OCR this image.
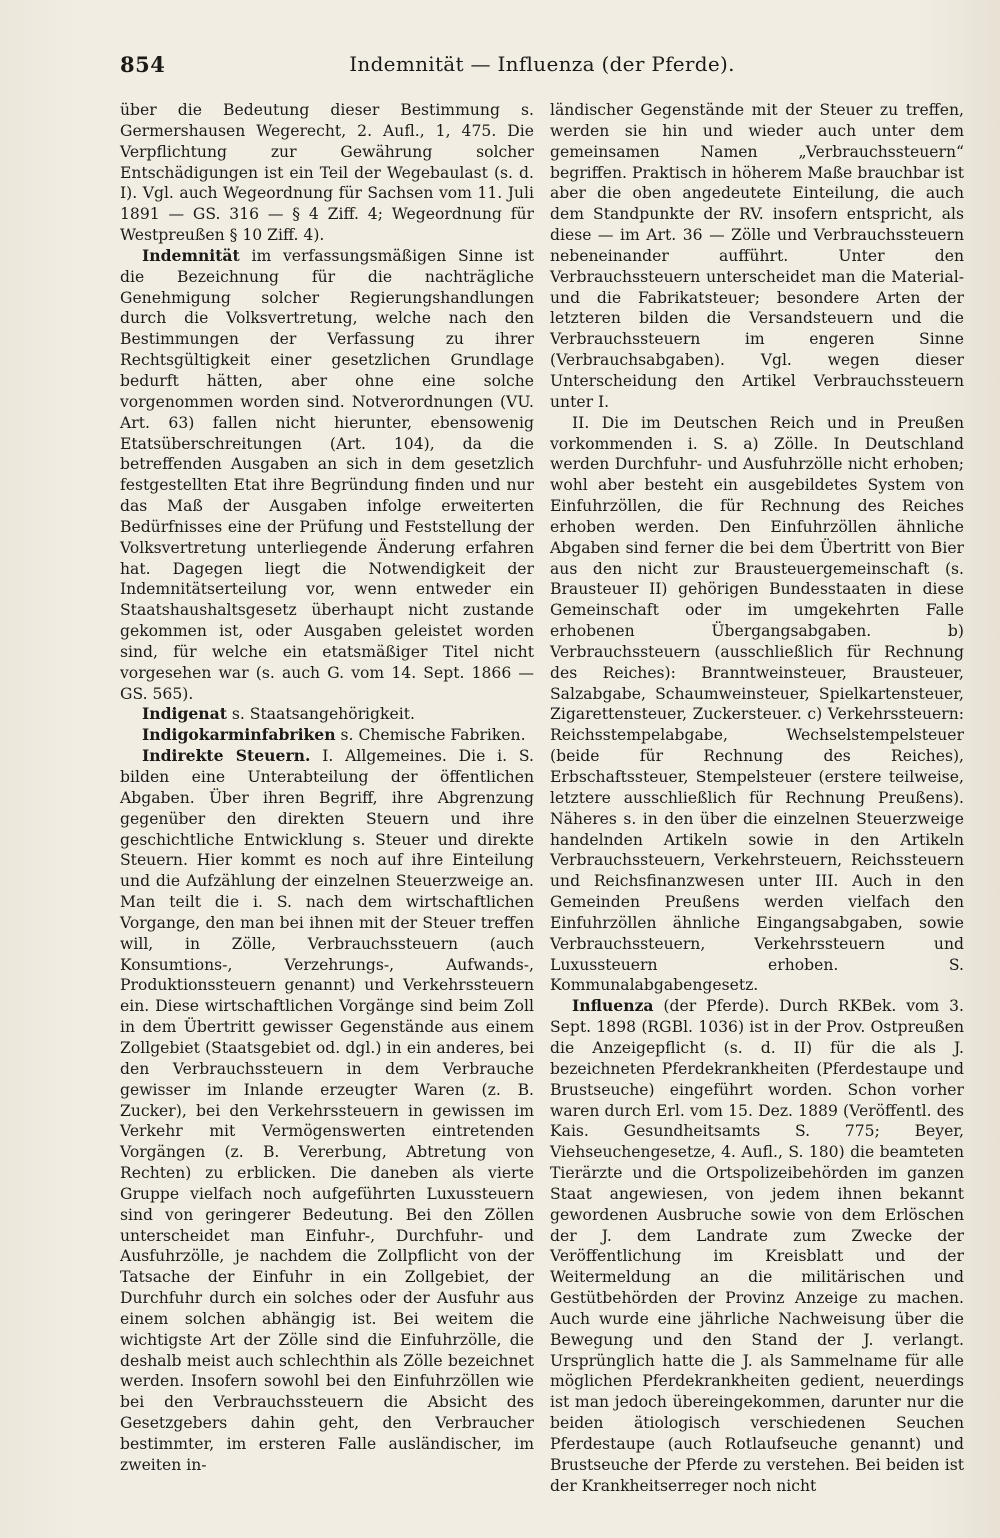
854	Indemnität — Influenza (der Pferde).

über die Bedeutung dieser Bestimmung s. Germershausen Wegerecht, 2. Aufl., 1, 475. Die Verpflichtung zur Gewährung solcher Entschädigungen ist ein Teil der Wegebaulast (s. d. I). Vgl. auch Wegeordnung für Sachsen vom 11. Juli 1891 — GS. 316 — § 4 Ziff. 4; Wegeordnung für Westpreußen § 10 Ziff. 4).

Indemnität im verfassungsmäßigen Sinne ist die Bezeichnung für die nachträgliche Genehmigung solcher Regierungshandlungen durch die Volksvertretung, welche nach den Bestimmungen der Verfassung zu ihrer Rechtsgültigkeit einer gesetzlichen Grundlage bedurft hätten, aber ohne eine solche vorgenommen worden sind. Notverordnungen (VU. Art. 63) fallen nicht hierunter, ebensowenig Etatsüberschreitungen (Art. 104), da die betreffenden Ausgaben an sich in dem gesetzlich festgestellten Etat ihre Begründung finden und nur das Maß der Ausgaben infolge erweiterten Bedürfnisses eine der Prüfung und Feststellung der Volksvertretung unterliegende Änderung erfahren hat. Dagegen liegt die Notwendigkeit der Indemnitätserteilung vor, wenn entweder ein Staatshaushaltsgesetz überhaupt nicht zustande gekommen ist, oder Ausgaben geleistet worden sind, für welche ein etatsmäßiger Titel nicht vorgesehen war (s. auch G. vom 14. Sept. 1866 — GS. 565).

Indigenat s. Staatsangehörigkeit.

Indigokarminfabriken s. Chemische Fabriken.

Indirekte Steuern. I. Allgemeines. Die i. S. bilden eine Unterabteilung der öffentlichen Abgaben. Über ihren Begriff, ihre Abgrenzung gegenüber den direkten Steuern und ihre geschichtliche Entwicklung s. Steuer und direkte Steuern. Hier kommt es noch auf ihre Einteilung und die Aufzählung der einzelnen Steuerzweige an. Man teilt die i. S. nach dem wirtschaftlichen Vorgange, den man bei ihnen mit der Steuer treffen will, in Zölle, Verbrauchssteuern (auch Konsumtions-, Verzehrungs-, Aufwands-, Produktionssteuern genannt) und Verkehrssteuern ein. Diese wirtschaftlichen Vorgänge sind beim Zoll in dem Übertritt gewisser Gegenstände aus einem Zollgebiet (Staatsgebiet od. dgl.) in ein anderes, bei den Verbrauchssteuern in dem Verbrauche gewisser im Inlande erzeugter Waren (z. B. Zucker), bei den Verkehrssteuern in gewissen im Verkehr mit Vermögenswerten eintretenden Vorgängen (z. B. Vererbung, Abtretung von Rechten) zu erblicken. Die daneben als vierte Gruppe vielfach noch aufgeführten Luxussteuern sind von geringerer Bedeutung. Bei den Zöllen unterscheidet man Einfuhr-, Durchfuhr- und Ausfuhrzölle, je nachdem die Zollpflicht von der Tatsache der Einfuhr in ein Zollgebiet, der Durchfuhr durch ein solches oder der Ausfuhr aus einem solchen abhängig ist. Bei weitem die wichtigste Art der Zölle sind die Einfuhrzölle, die deshalb meist auch schlechthin als Zölle bezeichnet werden. Insofern sowohl bei den Einfuhrzöllen wie bei den Verbrauchssteuern die Absicht des Gesetzgebers dahin geht, den Verbraucher bestimmter, im ersteren Falle ausländischer, im zweiten in-

ländischer Gegenstände mit der Steuer zu treffen, werden sie hin und wieder auch unter dem gemeinsamen Namen „Verbrauchssteuern“ begriffen. Praktisch in höherem Maße brauchbar ist aber die oben angedeutete Einteilung, die auch dem Standpunkte der RV. insofern entspricht, als diese — im Art. 36 — Zölle und Verbrauchssteuern nebeneinander aufführt. Unter den Verbrauchssteuern unterscheidet man die Material- und die Fabrikatsteuer; besondere Arten der letzteren bilden die Versandsteuern und die Verbrauchssteuern im engeren Sinne (Verbrauchsabgaben). Vgl. wegen dieser Unterscheidung den Artikel Verbrauchssteuern unter I.

II. Die im Deutschen Reich und in Preußen vorkommenden i. S. a) Zölle. In Deutschland werden Durchfuhr- und Ausfuhrzölle nicht erhoben; wohl aber besteht ein ausgebildetes System von Einfuhrzöllen, die für Rechnung des Reiches erhoben werden. Den Einfuhrzöllen ähnliche Abgaben sind ferner die bei dem Übertritt von Bier aus den nicht zur Brausteuergemeinschaft (s. Brausteuer II) gehörigen Bundesstaaten in diese Gemeinschaft oder im umgekehrten Falle erhobenen Übergangsabgaben. b) Verbrauchssteuern (ausschließlich für Rechnung des Reiches): Branntweinsteuer, Brausteuer, Salzabgabe, Schaumweinsteuer, Spielkartensteuer, Zigarettensteuer, Zuckersteuer. c) Verkehrssteuern: Reichsstempelabgabe, Wechselstempelsteuer (beide für Rechnung des Reiches), Erbschaftssteuer, Stempelsteuer (erstere teilweise, letztere ausschließlich für Rechnung Preußens). Näheres s. in den über die einzelnen Steuerzweige handelnden Artikeln sowie in den Artikeln Verbrauchssteuern, Verkehrsteuern, Reichssteuern und Reichsfinanzwesen unter III. Auch in den Gemeinden Preußens werden vielfach den Einfuhrzöllen ähnliche Eingangsabgaben, sowie Verbrauchssteuern, Verkehrssteuern und Luxussteuern erhoben. S. Kommunalabgabengesetz.

Influenza (der Pferde). Durch RKBek. vom 3. Sept. 1898 (RGBl. 1036) ist in der Prov. Ostpreußen die Anzeigepflicht (s. d. II) für die als J. bezeichneten Pferdekrankheiten (Pferdestaupe und Brustseuche) eingeführt worden. Schon vorher waren durch Erl. vom 15. Dez. 1889 (Veröffentl. des Kais. Gesundheitsamts S. 775; Beyer, Viehseuchengesetze, 4. Aufl., S. 180) die beamteten Tierärzte und die Ortspolizeibehörden im ganzen Staat angewiesen, von jedem ihnen bekannt gewordenen Ausbruche sowie von dem Erlöschen der J. dem Landrate zum Zwecke der Veröffentlichung im Kreisblatt und der Weitermeldung an die militärischen und Gestütbehörden der Provinz Anzeige zu machen. Auch wurde eine jährliche Nachweisung über die Bewegung und den Stand der J. verlangt. Ursprünglich hatte die J. als Sammelname für alle möglichen Pferdekrankheiten gedient, neuerdings ist man jedoch übereingekommen, darunter nur die beiden ätiologisch verschiedenen Seuchen Pferdestaupe (auch Rotlaufseuche genannt) und Brustseuche der Pferde zu verstehen. Bei beiden ist der Krankheitserreger noch nicht
